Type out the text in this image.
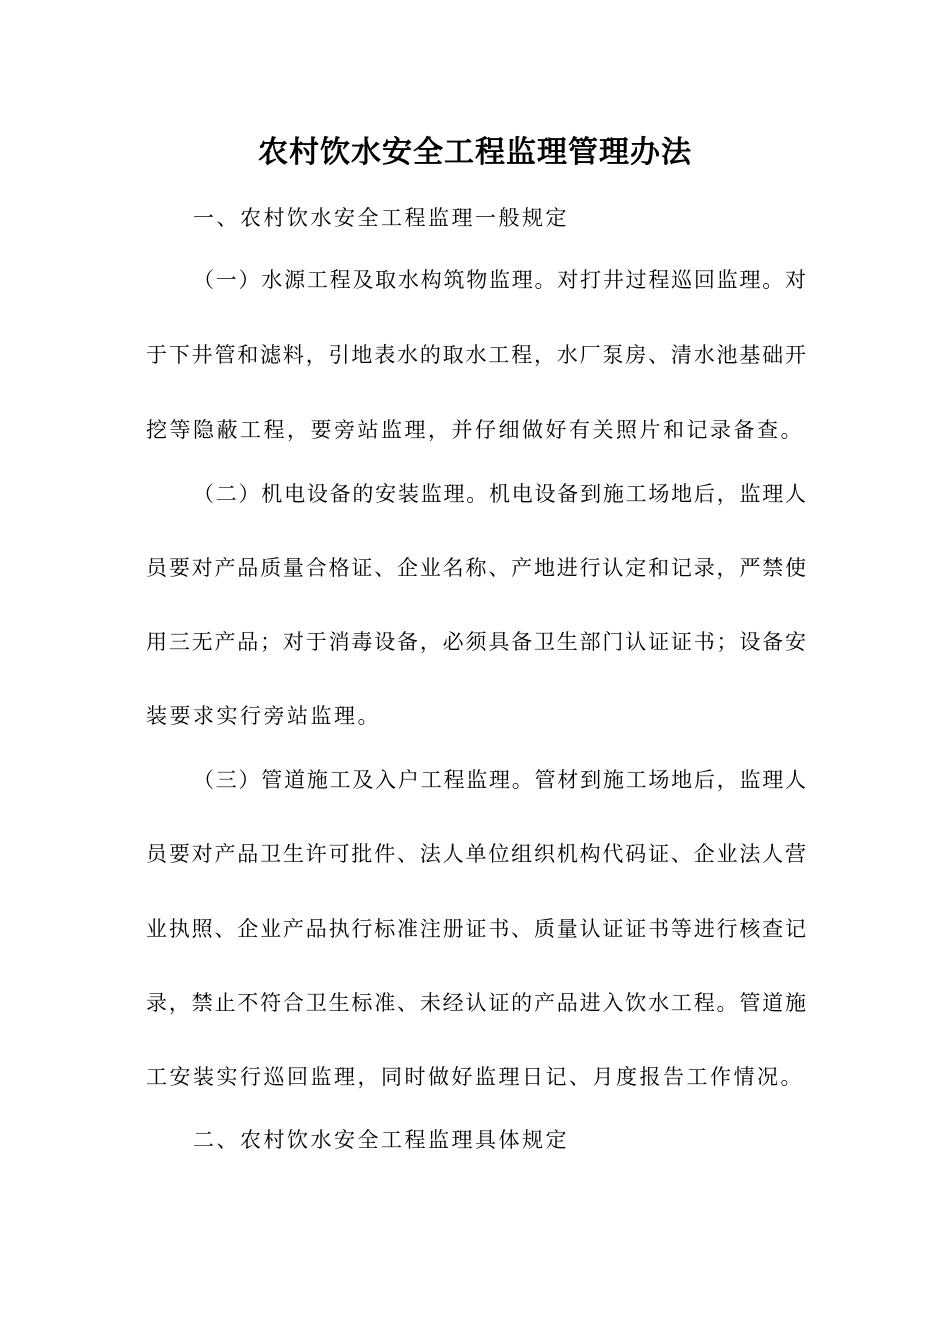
农村饮水安全工程监理管理办法

一、农村饮水安全工程监理一般规定

（一）水源工程及取水构筑物监理。对打井过程巡回监理。对

于下井管和滤料，引地表水的取水工程，水厂泵房、清水池基础开

挖等隐蔽工程，要旁站监理，并仔细做好有关照片和记录备查。

（二）机电设备的安装监理。机电设备到施工场地后，监理人

员要对产品质量合格证、企业名称、产地进行认定和记录，严禁使

用三无产品；对于消毒设备，必须具备卫生部门认证证书；设备安

装要求实行旁站监理。

（三）管道施工及入户工程监理。管材到施工场地后，监理人

员要对产品卫生许可批件、法人单位组织机构代码证、企业法人营

业执照、企业产品执行标准注册证书、质量认证证书等进行核查记

录，禁止不符合卫生标准、未经认证的产品进入饮水工程。管道施

工安装实行巡回监理，同时做好监理日记、月度报告工作情况。

二、农村饮水安全工程监理具体规定
